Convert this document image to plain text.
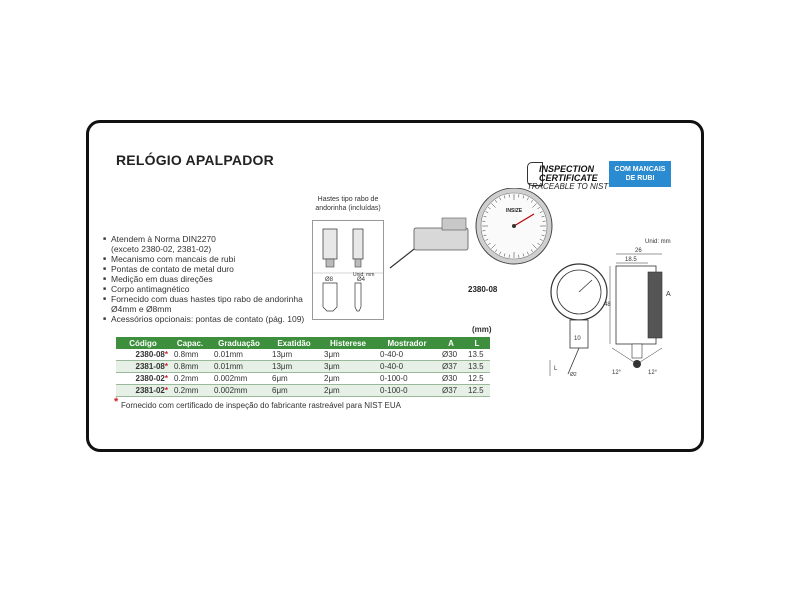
RELÓGIO APALPADOR
INSPECTION
CERTIFICATE
TRACEABLE TO NIST
COM MANCAIS
DE RUBI
■ Atendem à Norma DIN2270
(exceto 2380-02, 2381-02)
■ Mecanismo com mancais de rubi
■ Pontas de contato de metal duro
■ Medição em duas direções
■ Corpo antimagnético
■ Fornecido com duas hastes tipo rabo de andorinha
Ø4mm e Ø8mm
■ Acessórios opcionais: pontas de contato (pág. 109)
Hastes tipo rabo de andorinha (incluídas)
Ø8	Ø4
Unid: mm
INSIZE
2380-08
Unid: mm
10
Ø2
26
18.5
48
A
12°	12°
L
(mm)
Código	Capac.	Graduação	Exatidão	Histerese	Mostrador	A	L
2380-08*	0.8mm	0.01mm	13μm	3μm	0-40-0	Ø30	13.5
2381-08*	0.8mm	0.01mm	13μm	3μm	0-40-0	Ø37	13.5
2380-02*	0.2mm	0.002mm	6μm	2μm	0-100-0	Ø30	12.5
2381-02*	0.2mm	0.002mm	6μm	2μm	0-100-0	Ø37	12.5
* Fornecido com certificado de inspeção do fabricante rastreável para NIST EUA
